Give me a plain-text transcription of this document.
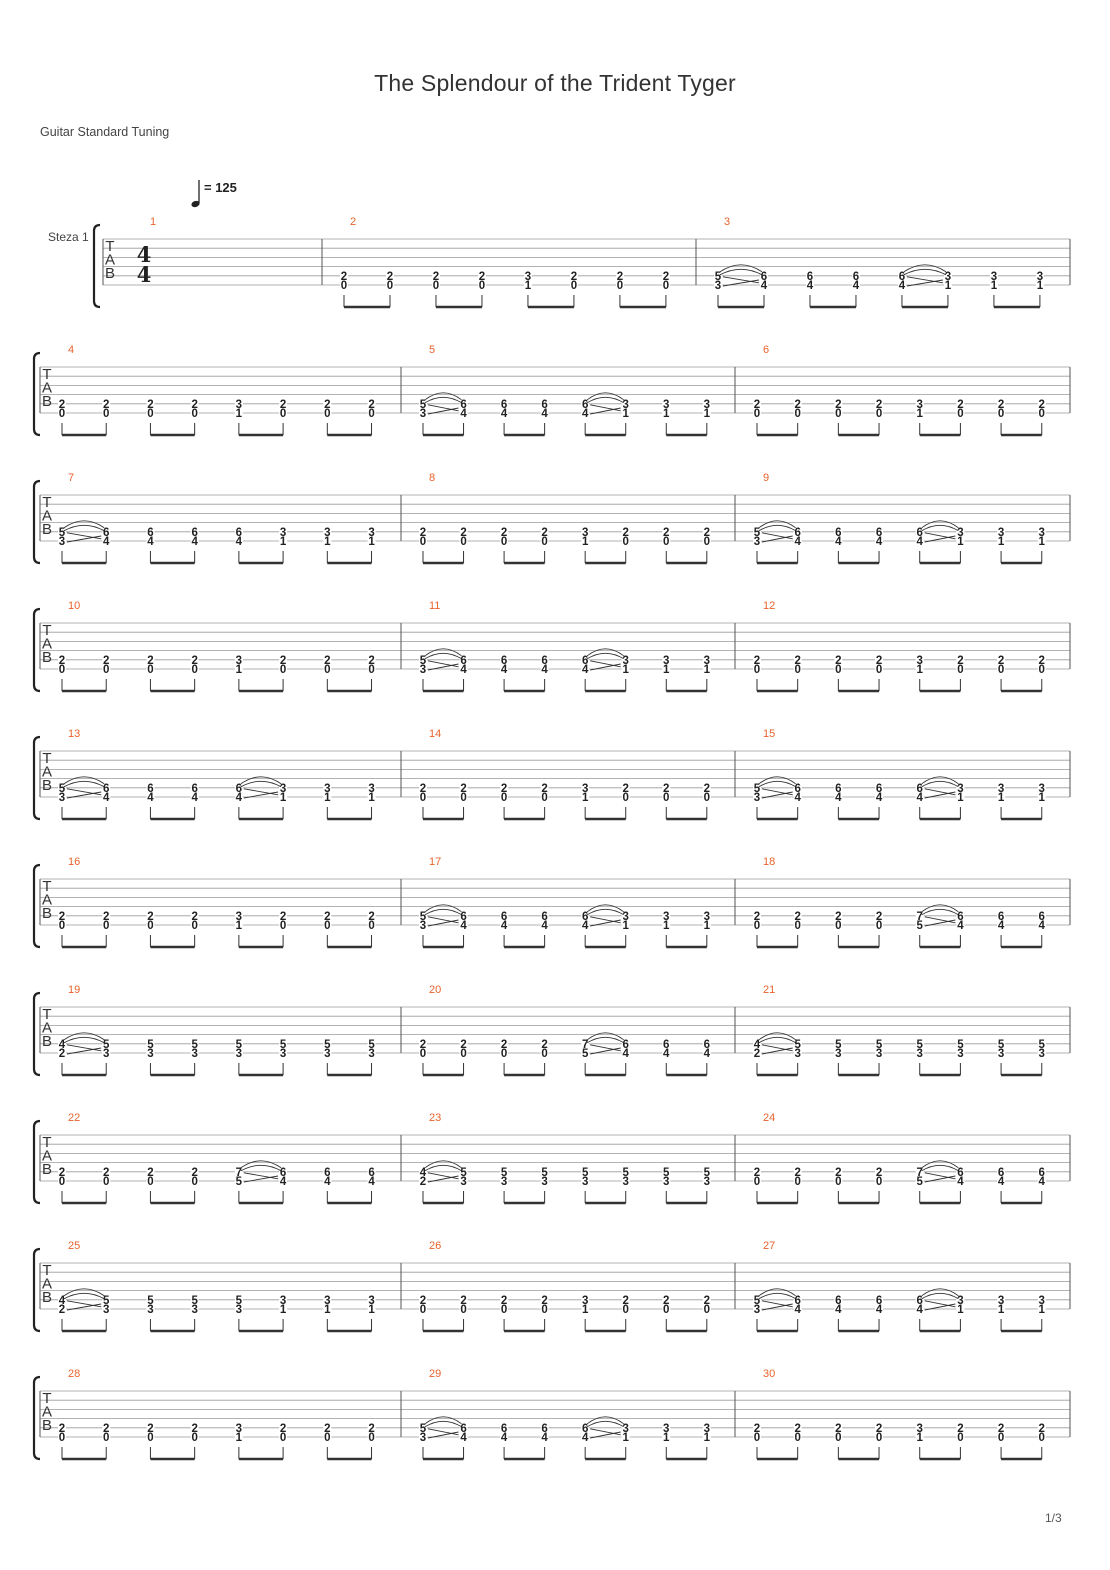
The Splendour of the Trident Tyger
Guitar Standard Tuning
= 125
Steza 1
T
A
B
4
4
1	2
2
0
2
0
2
0
2
0
3
1
2
0
2
0
2
0
3
5
3
6
4
6
4
6
4
6
4
3
1
3
1
3
1
T
A
B
4
2
0
2
0
2
0
2
0
3
1
2
0
2
0
2
0
5
5
3
6
4
6
4
6
4
6
4
3
1
3
1
3
1
6
2
0
2
0
2
0
2
0
3
1
2
0
2
0
2
0
T
A
B
7
5
3
6
4
6
4
6
4
6
4
3
1
3
1
3
1
8
2
0
2
0
2
0
2
0
3
1
2
0
2
0
2
0
9
5
3
6
4
6
4
6
4
6
4
3
1
3
1
3
1
T
A
B
10
2
0
2
0
2
0
2
0
3
1
2
0
2
0
2
0
11
5
3
6
4
6
4
6
4
6
4
3
1
3
1
3
1
12
2
0
2
0
2
0
2
0
3
1
2
0
2
0
2
0
T
A
B
13
5
3
6
4
6
4
6
4
6
4
3
1
3
1
3
1
14
2
0
2
0
2
0
2
0
3
1
2
0
2
0
2
0
15
5
3
6
4
6
4
6
4
6
4
3
1
3
1
3
1
T
A
B
16
2
0
2
0
2
0
2
0
3
1
2
0
2
0
2
0
17
5
3
6
4
6
4
6
4
6
4
3
1
3
1
3
1
18
2
0
2
0
2
0
2
0
7
5
6
4
6
4
6
4
T
A
B
19
4
2
5
3
5
3
5
3
5
3
5
3
5
3
5
3
20
2
0
2
0
2
0
2
0
7
5
6
4
6
4
6
4
21
4
2
5
3
5
3
5
3
5
3
5
3
5
3
5
3
T
A
B
22
2
0
2
0
2
0
2
0
7
5
6
4
6
4
6
4
23
4
2
5
3
5
3
5
3
5
3
5
3
5
3
5
3
24
2
0
2
0
2
0
2
0
7
5
6
4
6
4
6
4
T
A
B
25
4
2
5
3
5
3
5
3
5
3
3
1
3
1
3
1
26
2
0
2
0
2
0
2
0
3
1
2
0
2
0
2
0
27
5
3
6
4
6
4
6
4
6
4
3
1
3
1
3
1
T
A
B
28
2
0
2
0
2
0
2
0
3
1
2
0
2
0
2
0
29
5
3
6
4
6
4
6
4
6
4
3
1
3
1
3
1
30
2
0
2
0
2
0
2
0
3
1
2
0
2
0
2
0
1/3
